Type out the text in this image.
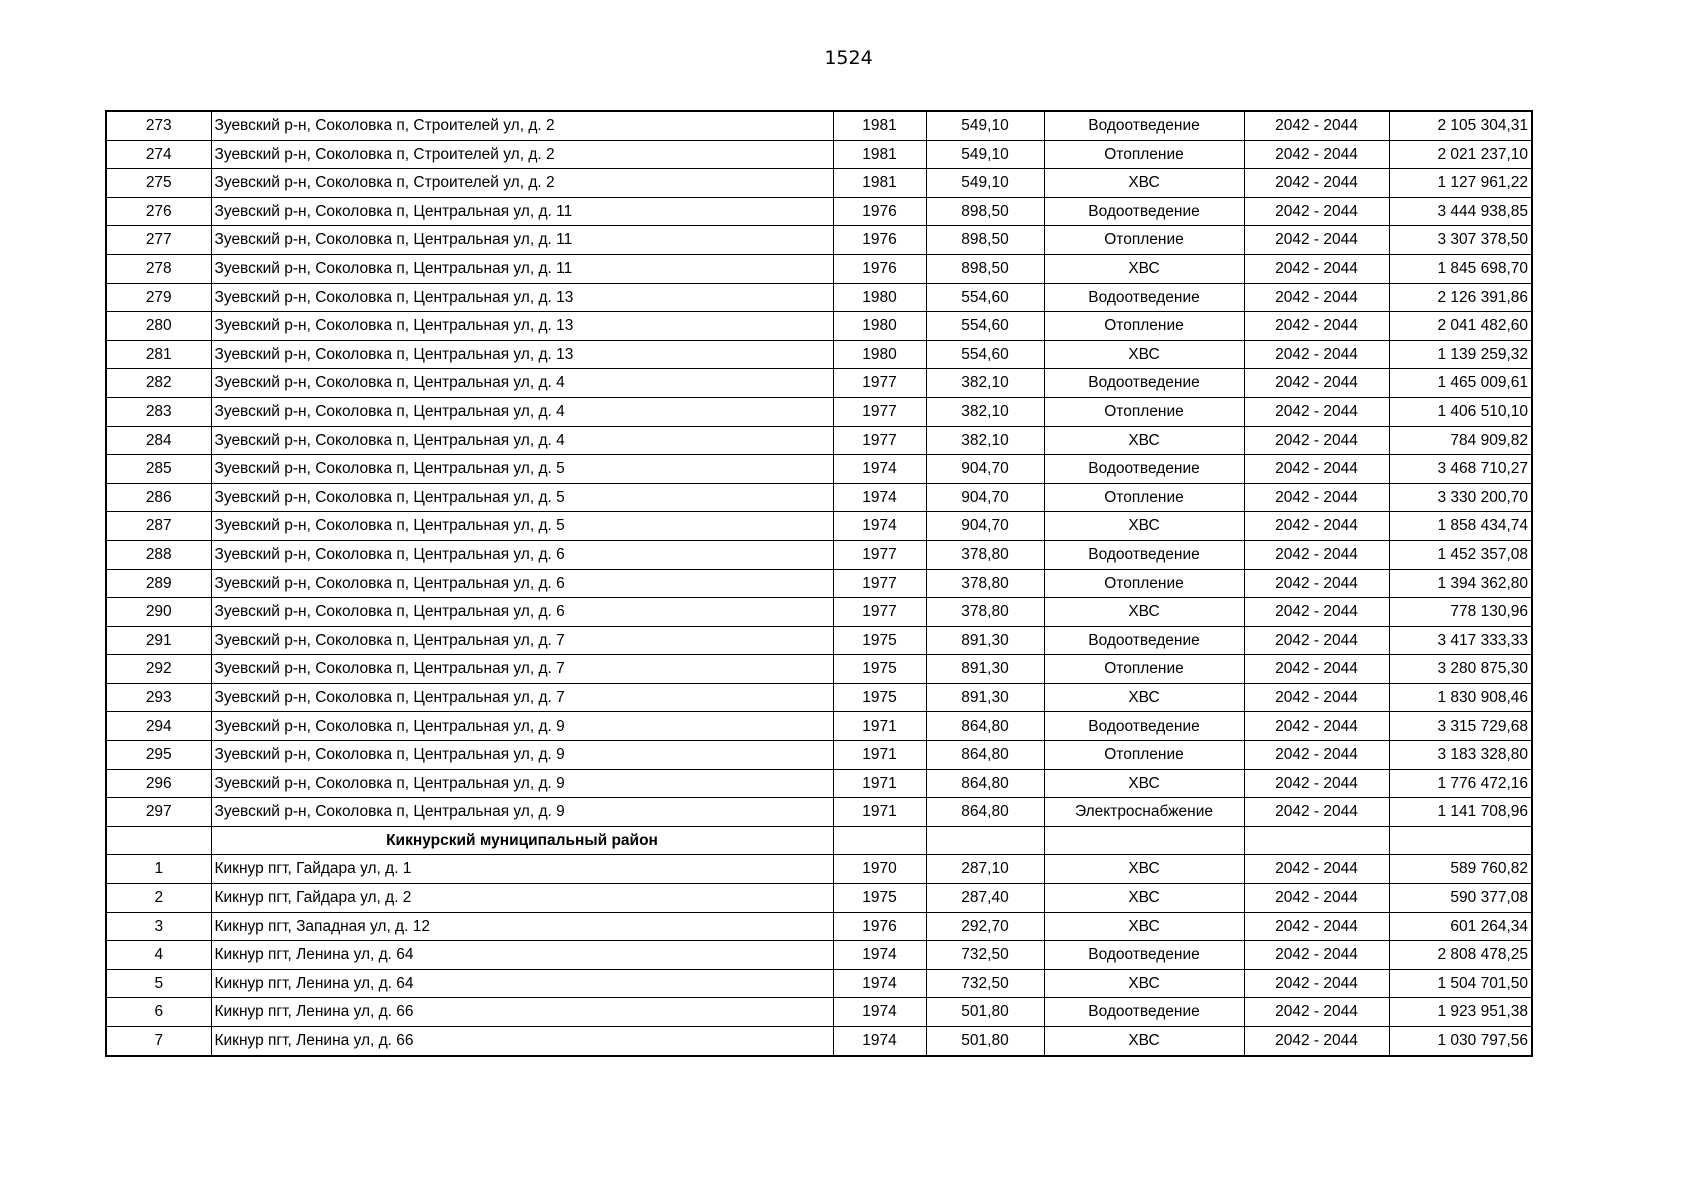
1524
273	Зуевский р-н, Соколовка п, Строителей ул, д. 2	1981	549,10	Водоотведение	2042 - 2044	2 105 304,31
274	Зуевский р-н, Соколовка п, Строителей ул, д. 2	1981	549,10	Отопление	2042 - 2044	2 021 237,10
275	Зуевский р-н, Соколовка п, Строителей ул, д. 2	1981	549,10	ХВС	2042 - 2044	1 127 961,22
276	Зуевский р-н, Соколовка п, Центральная ул, д. 11	1976	898,50	Водоотведение	2042 - 2044	3 444 938,85
277	Зуевский р-н, Соколовка п, Центральная ул, д. 11	1976	898,50	Отопление	2042 - 2044	3 307 378,50
278	Зуевский р-н, Соколовка п, Центральная ул, д. 11	1976	898,50	ХВС	2042 - 2044	1 845 698,70
279	Зуевский р-н, Соколовка п, Центральная ул, д. 13	1980	554,60	Водоотведение	2042 - 2044	2 126 391,86
280	Зуевский р-н, Соколовка п, Центральная ул, д. 13	1980	554,60	Отопление	2042 - 2044	2 041 482,60
281	Зуевский р-н, Соколовка п, Центральная ул, д. 13	1980	554,60	ХВС	2042 - 2044	1 139 259,32
282	Зуевский р-н, Соколовка п, Центральная ул, д. 4	1977	382,10	Водоотведение	2042 - 2044	1 465 009,61
283	Зуевский р-н, Соколовка п, Центральная ул, д. 4	1977	382,10	Отопление	2042 - 2044	1 406 510,10
284	Зуевский р-н, Соколовка п, Центральная ул, д. 4	1977	382,10	ХВС	2042 - 2044	784 909,82
285	Зуевский р-н, Соколовка п, Центральная ул, д. 5	1974	904,70	Водоотведение	2042 - 2044	3 468 710,27
286	Зуевский р-н, Соколовка п, Центральная ул, д. 5	1974	904,70	Отопление	2042 - 2044	3 330 200,70
287	Зуевский р-н, Соколовка п, Центральная ул, д. 5	1974	904,70	ХВС	2042 - 2044	1 858 434,74
288	Зуевский р-н, Соколовка п, Центральная ул, д. 6	1977	378,80	Водоотведение	2042 - 2044	1 452 357,08
289	Зуевский р-н, Соколовка п, Центральная ул, д. 6	1977	378,80	Отопление	2042 - 2044	1 394 362,80
290	Зуевский р-н, Соколовка п, Центральная ул, д. 6	1977	378,80	ХВС	2042 - 2044	778 130,96
291	Зуевский р-н, Соколовка п, Центральная ул, д. 7	1975	891,30	Водоотведение	2042 - 2044	3 417 333,33
292	Зуевский р-н, Соколовка п, Центральная ул, д. 7	1975	891,30	Отопление	2042 - 2044	3 280 875,30
293	Зуевский р-н, Соколовка п, Центральная ул, д. 7	1975	891,30	ХВС	2042 - 2044	1 830 908,46
294	Зуевский р-н, Соколовка п, Центральная ул, д. 9	1971	864,80	Водоотведение	2042 - 2044	3 315 729,68
295	Зуевский р-н, Соколовка п, Центральная ул, д. 9	1971	864,80	Отопление	2042 - 2044	3 183 328,80
296	Зуевский р-н, Соколовка п, Центральная ул, д. 9	1971	864,80	ХВС	2042 - 2044	1 776 472,16
297	Зуевский р-н, Соколовка п, Центральная ул, д. 9	1971	864,80	Электроснабжение	2042 - 2044	1 141 708,96
	Кикнурский муниципальный район					
1	Кикнур пгт, Гайдара ул, д. 1	1970	287,10	ХВС	2042 - 2044	589 760,82
2	Кикнур пгт, Гайдара ул, д. 2	1975	287,40	ХВС	2042 - 2044	590 377,08
3	Кикнур пгт, Западная ул, д. 12	1976	292,70	ХВС	2042 - 2044	601 264,34
4	Кикнур пгт, Ленина ул, д. 64	1974	732,50	Водоотведение	2042 - 2044	2 808 478,25
5	Кикнур пгт, Ленина ул, д. 64	1974	732,50	ХВС	2042 - 2044	1 504 701,50
6	Кикнур пгт, Ленина ул, д. 66	1974	501,80	Водоотведение	2042 - 2044	1 923 951,38
7	Кикнур пгт, Ленина ул, д. 66	1974	501,80	ХВС	2042 - 2044	1 030 797,56
